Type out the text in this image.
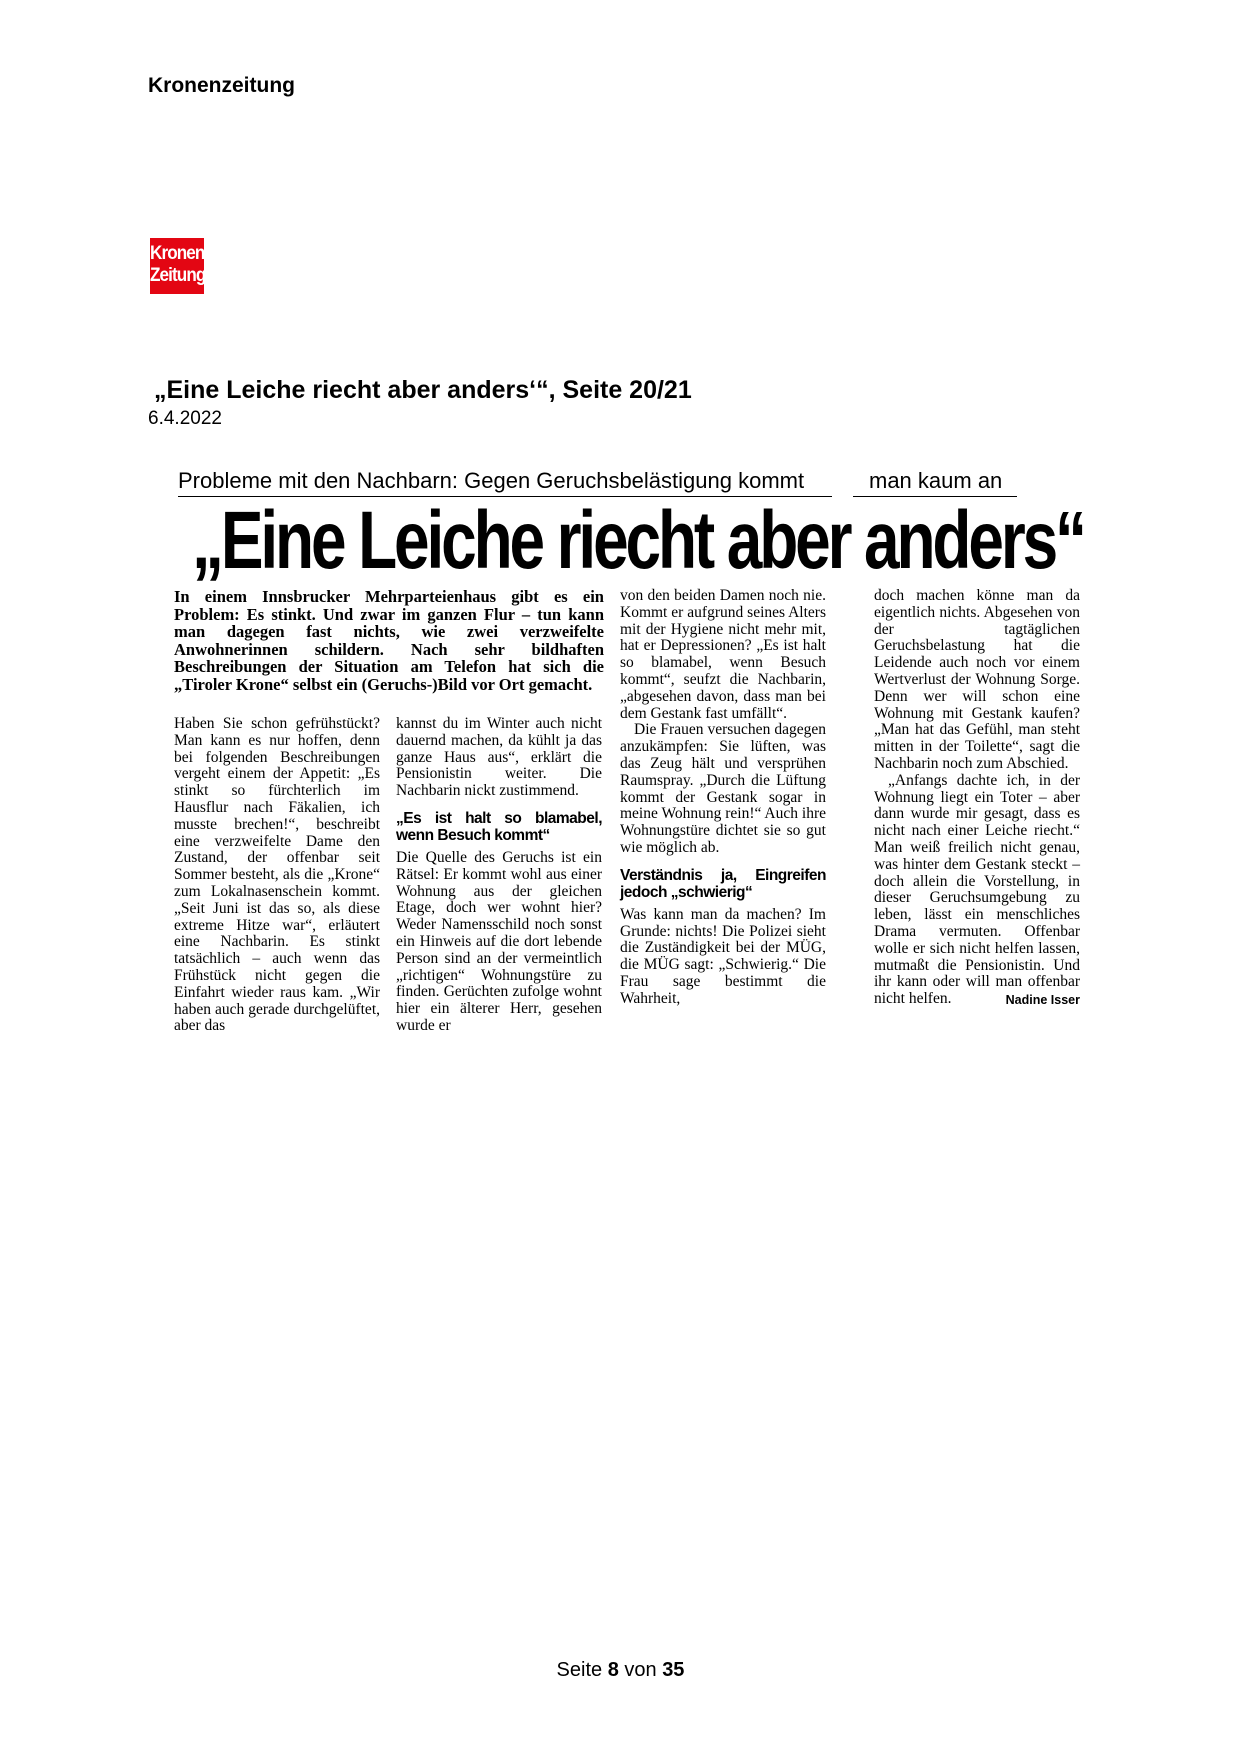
Kronenzeitung
Kronen
Zeitung
„Eine Leiche riecht aber anders‘“, Seite 20/21
6.4.2022
Probleme mit den Nachbarn: Gegen Geruchsbelästigung kommt	man kaum an
„Eine Leiche riecht aber anders“
In einem Innsbrucker Mehrparteienhaus gibt es ein Problem: Es stinkt. Und zwar im ganzen Flur – tun kann man dagegen fast nichts, wie zwei verzweifelte Anwohnerinnen schildern. Nach sehr bildhaften Beschreibungen der Situation am Telefon hat sich die „Tiroler Krone“ selbst ein (Geruchs-)Bild vor Ort gemacht.

Haben Sie schon gefrühstückt? Man kann es nur hoffen, denn bei folgenden Beschreibungen vergeht einem der Appetit: „Es stinkt so fürchterlich im Hausflur nach Fäkalien, ich musste brechen!“, beschreibt eine verzweifelte Dame den Zustand, der offenbar seit Sommer besteht, als die „Krone“ zum Lokalnasenschein kommt. „Seit Juni ist das so, als diese extreme Hitze war“, erläutert eine Nachbarin. Es stinkt tatsächlich – auch wenn das Frühstück nicht gegen die Einfahrt wieder raus kam. „Wir haben auch gerade durchgelüftet, aber das

kannst du im Winter auch nicht dauernd machen, da kühlt ja das ganze Haus aus“, erklärt die Pensionistin weiter. Die Nachbarin nickt zustimmend.

„Es ist halt so blamabel, wenn Besuch kommt“

Die Quelle des Geruchs ist ein Rätsel: Er kommt wohl aus einer Wohnung aus der gleichen Etage, doch wer wohnt hier? Weder Namensschild noch sonst ein Hinweis auf die dort lebende Person sind an der vermeintlich „richtigen“ Wohnungstüre zu finden. Gerüchten zufolge wohnt hier ein älterer Herr, gesehen wurde er

von den beiden Damen noch nie. Kommt er aufgrund seines Alters mit der Hygiene nicht mehr mit, hat er Depressionen? „Es ist halt so blamabel, wenn Besuch kommt“, seufzt die Nachbarin, „abgesehen davon, dass man bei dem Gestank fast umfällt“.

Die Frauen versuchen dagegen anzukämpfen: Sie lüften, was das Zeug hält und versprühen Raumspray. „Durch die Lüftung kommt der Gestank sogar in meine Wohnung rein!“ Auch ihre Wohnungstüre dichtet sie so gut wie möglich ab.

Verständnis ja, Eingreifen jedoch „schwierig“

Was kann man da machen? Im Grunde: nichts! Die Polizei sieht die Zuständigkeit bei der MÜG, die MÜG sagt: „Schwierig.“ Die Frau sage bestimmt die Wahrheit,

doch machen könne man da eigentlich nichts. Abgesehen von der tagtäglichen Geruchsbelastung hat die Leidende auch noch vor einem Wertverlust der Wohnung Sorge. Denn wer will schon eine Wohnung mit Gestank kaufen? „Man hat das Gefühl, man steht mitten in der Toilette“, sagt die Nachbarin noch zum Abschied.

„Anfangs dachte ich, in der Wohnung liegt ein Toter – aber dann wurde mir gesagt, dass es nicht nach einer Leiche riecht.“ Man weiß freilich nicht genau, was hinter dem Gestank steckt – doch allein die Vorstellung, in dieser Geruchsumgebung zu leben, lässt ein menschliches Drama vermuten. Offenbar wolle er sich nicht helfen lassen, mutmaßt die Pensionistin. Und ihr kann oder will man offenbar nicht helfen.	Nadine Isser

Seite 8 von 35
